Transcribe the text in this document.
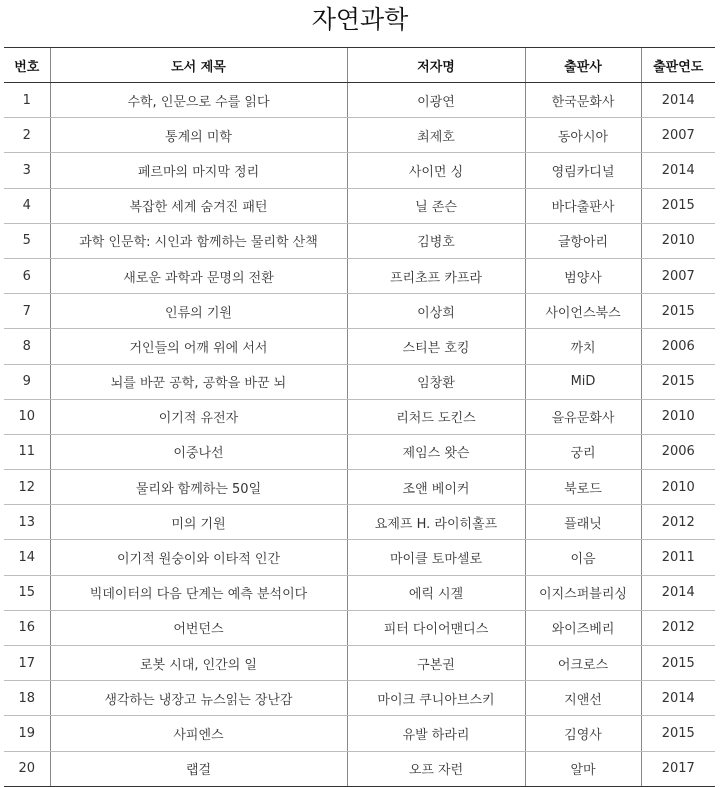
자연과학
번호	도서 제목	저자명	출판사	출판연도
1	수학, 인문으로 수를 읽다	이광연	한국문화사	2014
2	통계의 미학	최제호	동아시아	2007
3	페르마의 마지막 정리	사이먼 싱	영림카디널	2014
4	복잡한 세계 숨겨진 패턴	닐 존슨	바다출판사	2015
5	과학 인문학: 시인과 함께하는 물리학 산책	김병호	글항아리	2010
6	새로운 과학과 문명의 전환	프리초프 카프라	범양사	2007
7	인류의 기원	이상희	사이언스북스	2015
8	거인들의 어깨 위에 서서	스티븐 호킹	까치	2006
9	뇌를 바꾼 공학, 공학을 바꾼 뇌	임창환	MiD	2015
10	이기적 유전자	리처드 도킨스	을유문화사	2010
11	이중나선	제임스 왓슨	궁리	2006
12	물리와 함께하는 50일	조앤 베이커	북로드	2010
13	미의 기원	요제프 H. 라이히홀프	플래닛	2012
14	이기적 원숭이와 이타적 인간	마이클 토마셀로	이음	2011
15	빅데이터의 다음 단계는 예측 분석이다	에릭 시겔	이지스퍼블리싱	2014
16	어번던스	피터 다이어맨디스	와이즈베리	2012
17	로봇 시대, 인간의 일	구본권	어크로스	2015
18	생각하는 냉장고 뉴스읽는 장난감	마이크 쿠니아브스키	지앤선	2014
19	사피엔스	유발 하라리	김영사	2015
20	랩걸	오프 자런	알마	2017
